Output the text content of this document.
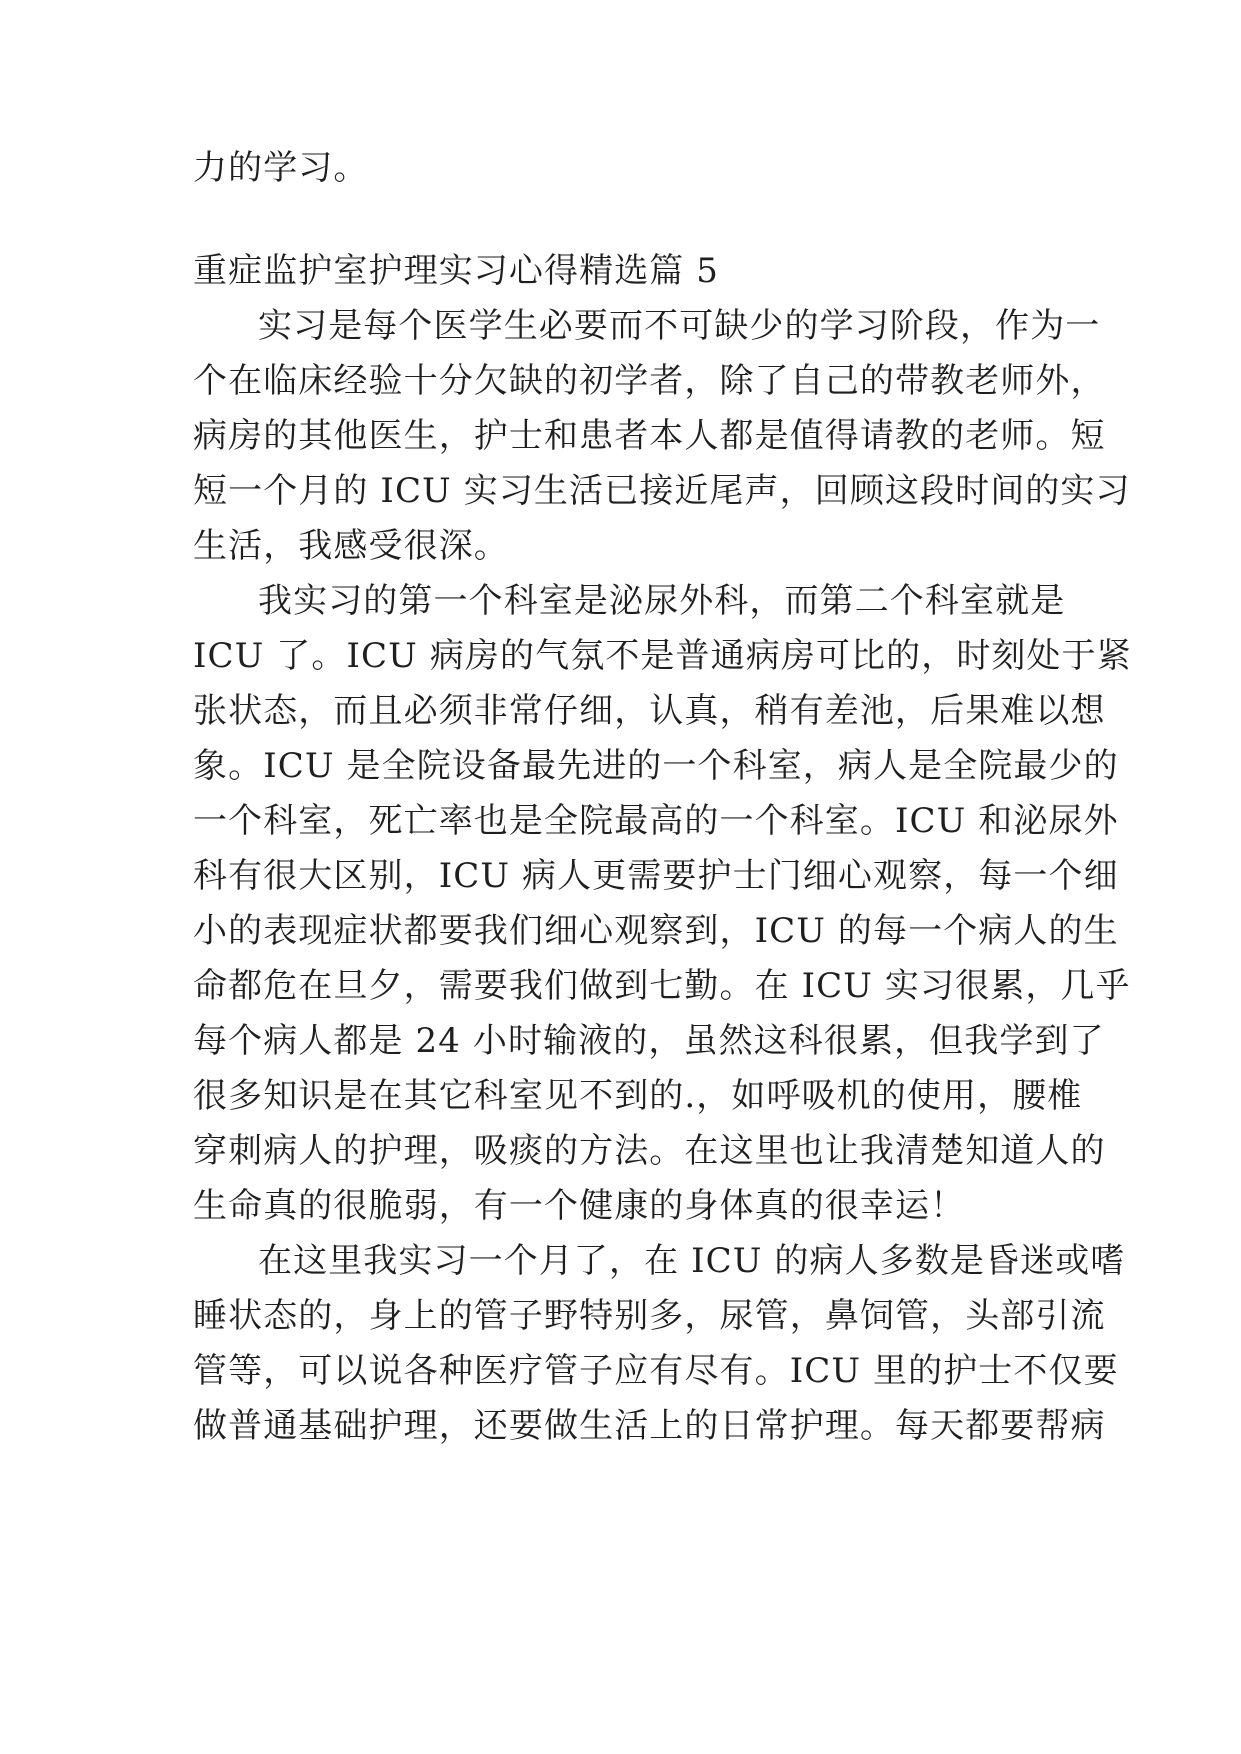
力的学习。

重症监护室护理实习心得精选篇 5

实习是每个医学生必要而不可缺少的学习阶段，作为一

个在临床经验十分欠缺的初学者，除了自己的带教老师外，

病房的其他医生，护士和患者本人都是值得请教的老师。短

短一个月的 ICU 实习生活已接近尾声，回顾这段时间的实习

生活，我感受很深。

我实习的第一个科室是泌尿外科，而第二个科室就是

ICU 了。ICU 病房的气氛不是普通病房可比的，时刻处于紧

张状态，而且必须非常仔细，认真，稍有差池，后果难以想

象。ICU 是全院设备最先进的一个科室，病人是全院最少的

一个科室，死亡率也是全院最高的一个科室。ICU 和泌尿外

科有很大区别，ICU 病人更需要护士门细心观察，每一个细

小的表现症状都要我们细心观察到，ICU 的每一个病人的生

命都危在旦夕，需要我们做到七勤。在 ICU 实习很累，几乎

每个病人都是 24 小时输液的，虽然这科很累，但我学到了

很多知识是在其它科室见不到的.，如呼吸机的使用，腰椎

穿刺病人的护理，吸痰的方法。在这里也让我清楚知道人的

生命真的很脆弱，有一个健康的身体真的很幸运！

在这里我实习一个月了，在 ICU 的病人多数是昏迷或嗜

睡状态的，身上的管子野特别多，尿管，鼻饲管，头部引流

管等，可以说各种医疗管子应有尽有。ICU 里的护士不仅要

做普通基础护理，还要做生活上的日常护理。每天都要帮病
